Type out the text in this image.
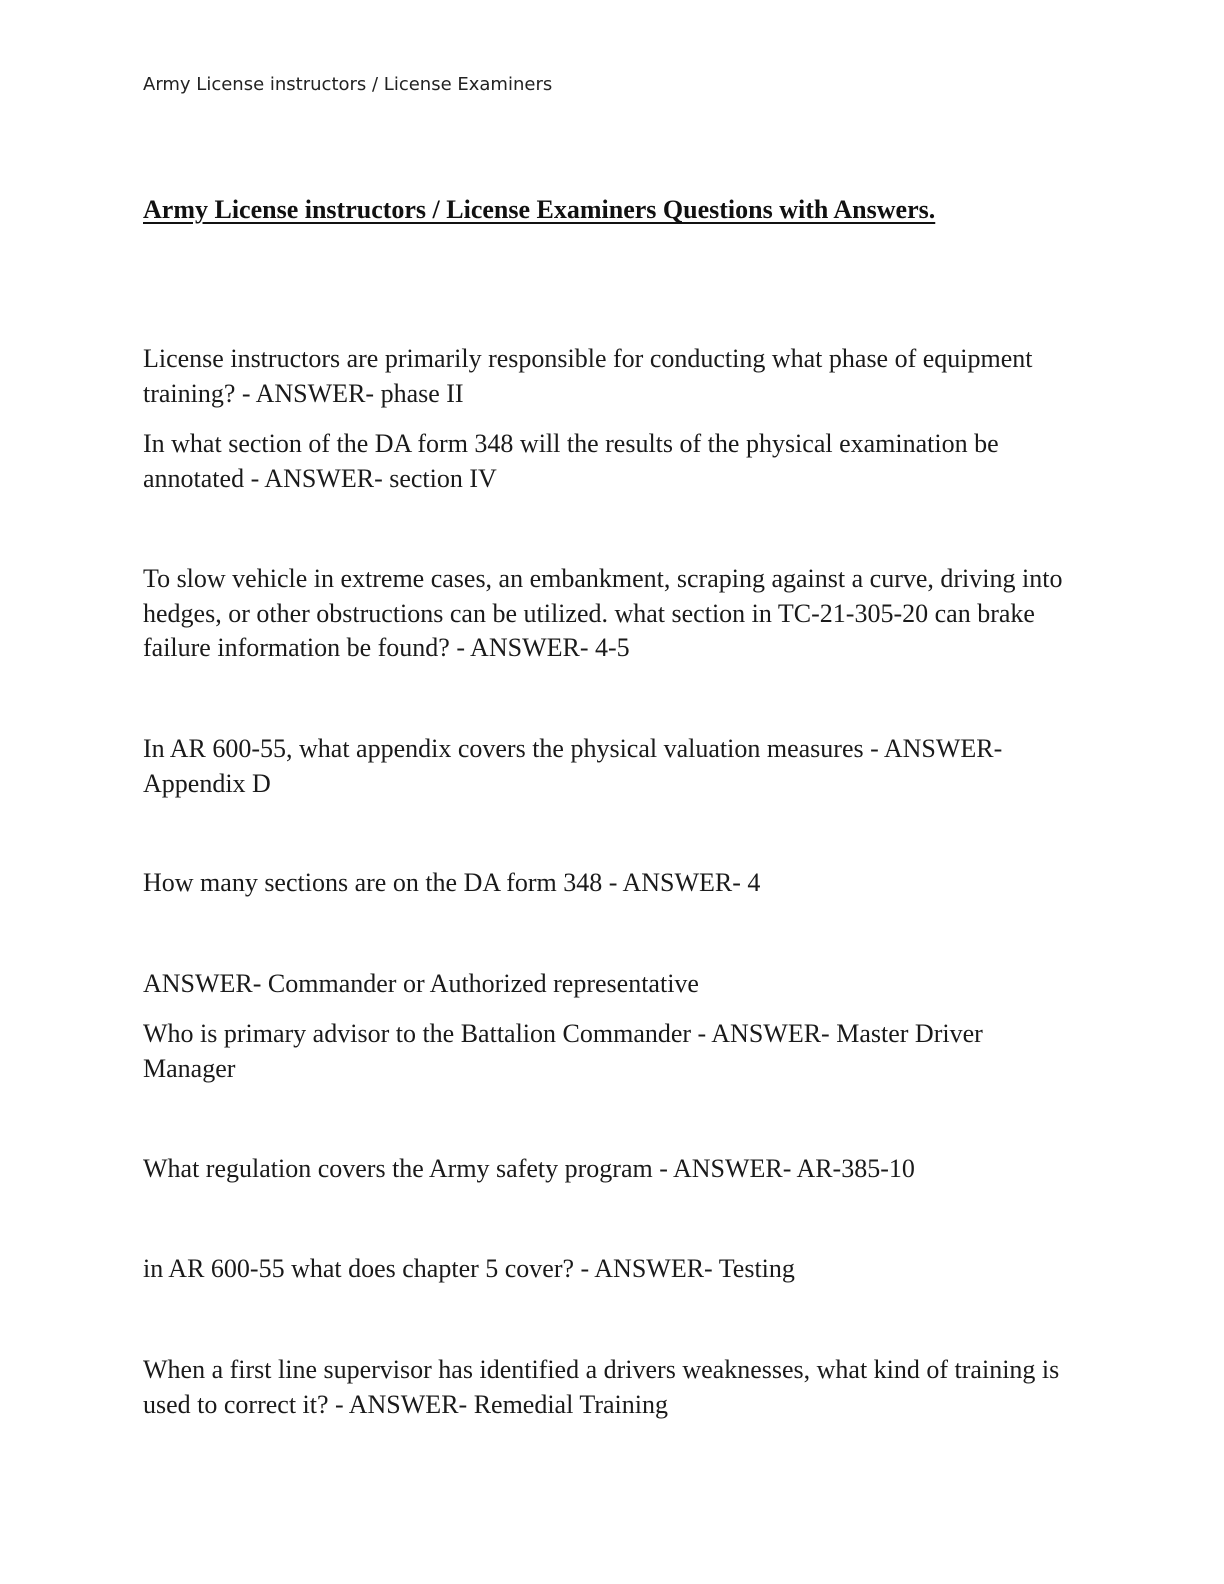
Army License instructors / License Examiners
Army License instructors / License Examiners Questions with Answers.

License instructors are primarily responsible for conducting what phase of equipment training? - ANSWER- phase II

In what section of the DA form 348 will the results of the physical examination be annotated - ANSWER- section IV

To slow vehicle in extreme cases, an embankment, scraping against a curve, driving into hedges, or other obstructions can be utilized. what section in TC-21-305-20 can brake failure information be found? - ANSWER- 4-5

In AR 600-55, what appendix covers the physical valuation measures - ANSWER- Appendix D

How many sections are on the DA form 348 - ANSWER- 4

ANSWER- Commander or Authorized representative

Who is primary advisor to the Battalion Commander - ANSWER- Master Driver Manager

What regulation covers the Army safety program - ANSWER- AR-385-10

in AR 600-55 what does chapter 5 cover? - ANSWER- Testing

When a first line supervisor has identified a drivers weaknesses, what kind of training is used to correct it? - ANSWER- Remedial Training
